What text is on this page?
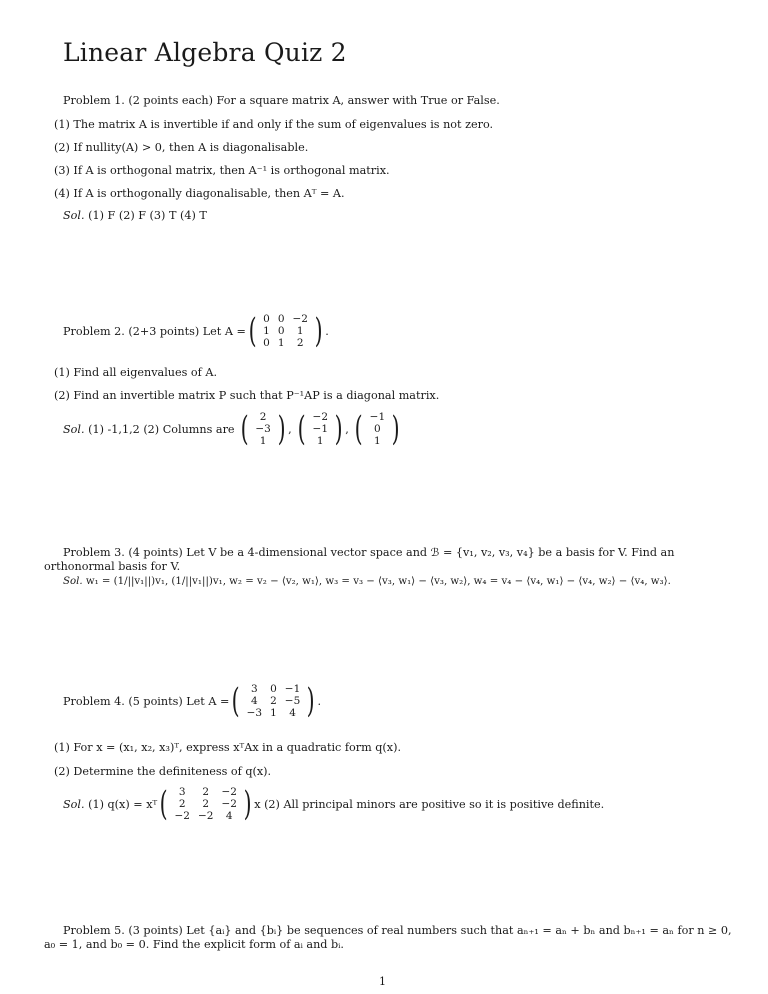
Linear Algebra Quiz 2
Problem 1. (2 points each) For a square matrix A, answer with True or False.
(1) The matrix A is invertible if and only if the sum of eigenvalues is not zero.
(2) If nullity(A) > 0, then A is diagonalisable.
(3) If A is orthogonal matrix, then A⁻¹ is orthogonal matrix.
(4) If A is orthogonally diagonalisable, then Aᵀ = A.
Sol. (1) F (2) F (3) T (4) T
Problem 2. (2+3 points) Let A = ( 0	0	−2
1	0	1
0	1	2 ) .
(1) Find all eigenvalues of A.
(2) Find an invertible matrix P such that P⁻¹AP is a diagonal matrix.
Sol.
(1) -1,1,2 (2) Columns are
( 2
−3
1 ) , ( −2
−1
1 ) , ( −1
0
1 )
Problem 3. (4 points) Let V be a 4-dimensional vector space and ℬ = {v₁, v₂, v₃, v₄} be a basis for V. Find an orthonormal basis for V.
Sol. w₁ = (1/||v₁||)v₁, (1/||v₁||)v₁, w₂ = v₂ − ⟨v₂, w₁⟩, w₃ = v₃ − ⟨v₃, w₁⟩ − ⟨v₃, w₂⟩, w₄ = v₄ − ⟨v₄, w₁⟩ − ⟨v₄, w₂⟩ − ⟨v₄, w₃⟩.
Problem 4. (5 points) Let A = ( 3	0	−1
4	2	−5
−3	1	4 ) .
(1) For x = (x₁, x₂, x₃)ᵀ, express xᵀAx in a quadratic form q(x).
(2) Determine the definiteness of q(x).
Sol.
(1) q(x) = xᵀ ( 3	2	−2
2	2	−2
−2	−2	4 ) x (2) All principal minors are positive so it is positive definite.
Problem 5. (3 points) Let {aᵢ} and {bᵢ} be sequences of real numbers such that aₙ₊₁ = aₙ + bₙ and bₙ₊₁ = aₙ for n ≥ 0, a₀ = 1, and b₀ = 0. Find the explicit form of aᵢ and bᵢ.
1
